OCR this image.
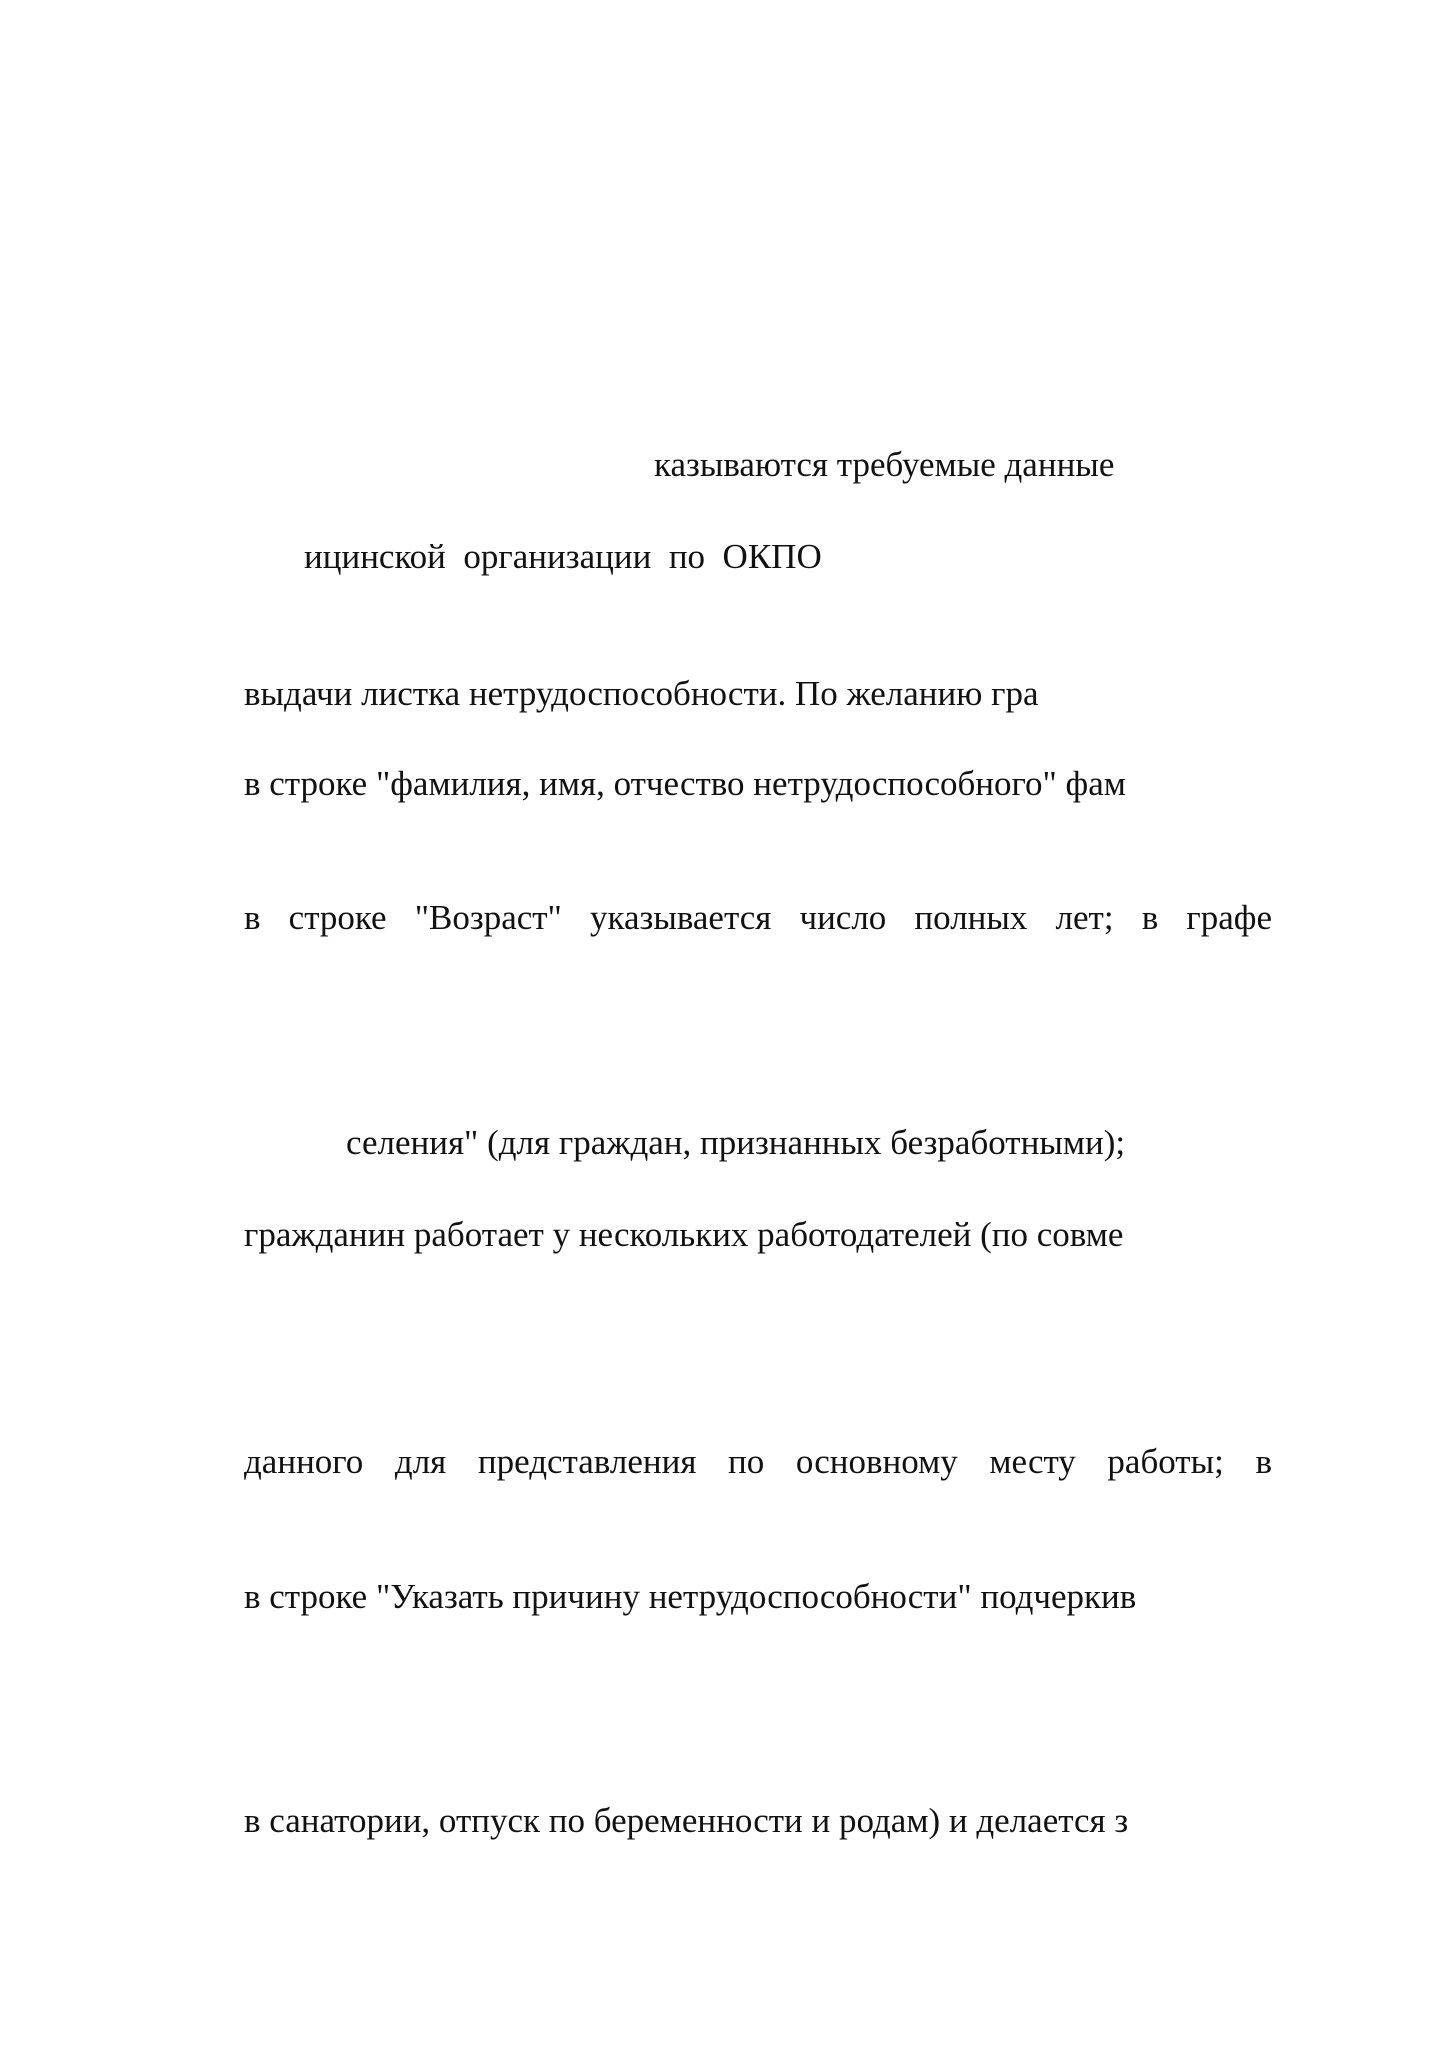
казываются требуемые данные

ицинской  организации  по  ОКПО

выдачи листка нетрудоспособности. По желанию гра

в строке "фамилия, имя, отчество нетрудоспособного" фам

в строке "Возраст" указывается число полных лет; в графе

селения" (для граждан, признанных безработными);

гражданин работает у нескольких работодателей (по совме

данного для представления по основному месту работы; в

в строке "Указать причину нетрудоспособности" подчеркив

в санатории, отпуск по беременности и родам) и делается з
